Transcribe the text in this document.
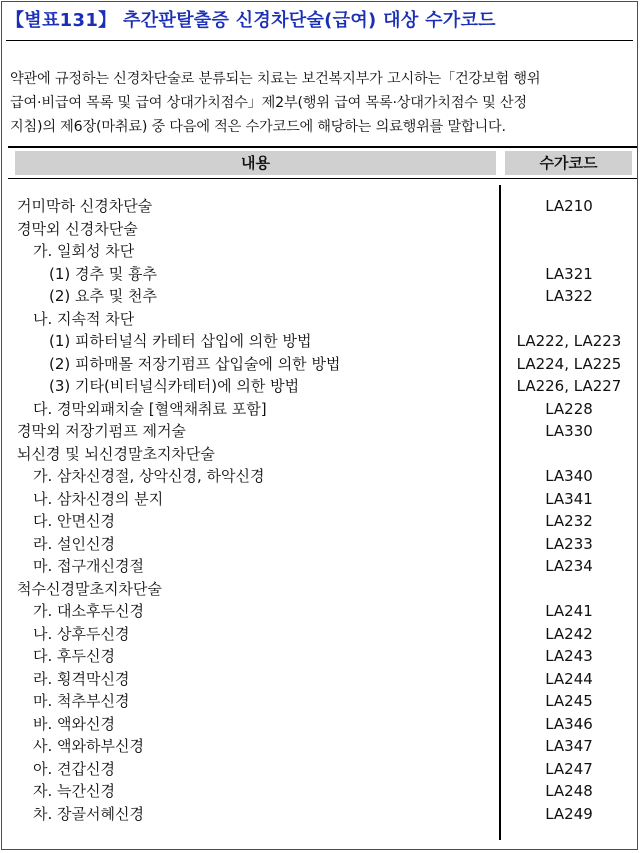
【별표131】 추간판탈출증 신경차단술(급여) 대상 수가코드
약관에 규정하는 신경차단술로 분류되는 치료는 보건복지부가 고시하는「건강보험 행위
급여·비급여 목록 및 급여 상대가치점수」제2부(행위 급여 목록·상대가치점수 및 산정
지침)의 제6장(마취료) 중 다음에 적은 수가코드에 해당하는 의료행위를 말합니다.
내용	수가코드
거미막하 신경차단술	LA210
경막외 신경차단술
가. 일회성 차단
(1) 경추 및 흉추	LA321
(2) 요추 및 천추	LA322
나. 지속적 차단
(1) 피하터널식 카테터 삽입에 의한 방법	LA222, LA223
(2) 피하매몰 저장기펌프 삽입술에 의한 방법	LA224, LA225
(3) 기타(비터널식카테터)에 의한 방법	LA226, LA227
다. 경막외패치술 [혈액채취료 포함]	LA228
경막외 저장기펌프 제거술	LA330
뇌신경 및 뇌신경말초지차단술
가. 삼차신경절, 상악신경, 하악신경	LA340
나. 삼차신경의 분지	LA341
다. 안면신경	LA232
라. 설인신경	LA233
마. 접구개신경절	LA234
척수신경말초지차단술
가. 대소후두신경	LA241
나. 상후두신경	LA242
다. 후두신경	LA243
라. 횡격막신경	LA244
마. 척추부신경	LA245
바. 액와신경	LA346
사. 액와하부신경	LA347
아. 견갑신경	LA247
자. 늑간신경	LA248
차. 장골서혜신경	LA249
